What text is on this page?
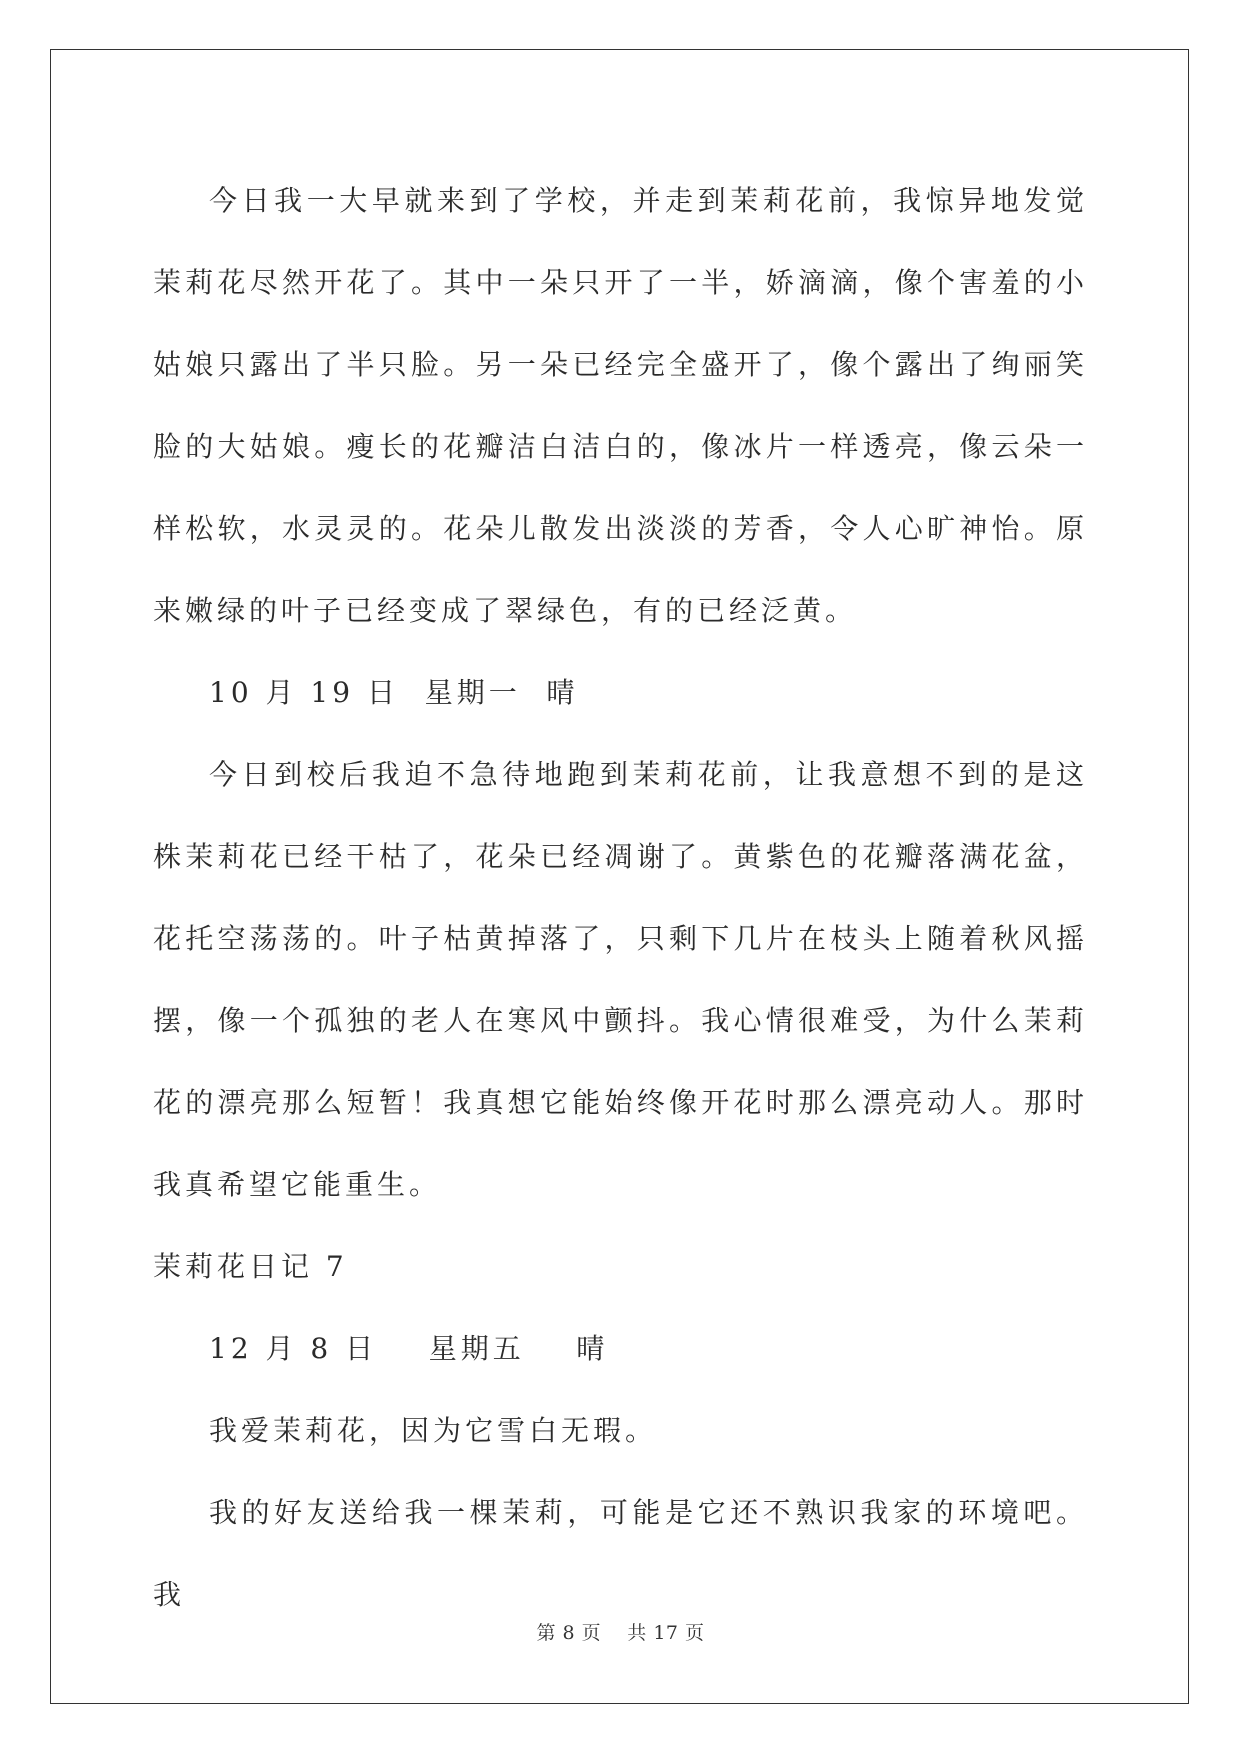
今日我一大早就来到了学校，并走到茉莉花前，我惊异地发觉茉莉花尽然开花了。其中一朵只开了一半，娇滴滴，像个害羞的小姑娘只露出了半只脸。另一朵已经完全盛开了，像个露出了绚丽笑脸的大姑娘。瘦长的花瓣洁白洁白的，像冰片一样透亮，像云朵一样松软，水灵灵的。花朵儿散发出淡淡的芳香，令人心旷神怡。原来嫩绿的叶子已经变成了翠绿色，有的已经泛黄。

10 月 19 日  星期一  晴

今日到校后我迫不急待地跑到茉莉花前，让我意想不到的是这株茉莉花已经干枯了，花朵已经凋谢了。黄紫色的花瓣落满花盆，花托空荡荡的。叶子枯黄掉落了，只剩下几片在枝头上随着秋风摇摆，像一个孤独的老人在寒风中颤抖。我心情很难受，为什么茉莉花的漂亮那么短暂！我真想它能始终像开花时那么漂亮动人。那时我真希望它能重生。

茉莉花日记 7

12 月 8 日    星期五    晴

我爱茉莉花，因为它雪白无瑕。

我的好友送给我一棵茉莉，可能是它还不熟识我家的环境吧。我

第 8 页    共 17 页
